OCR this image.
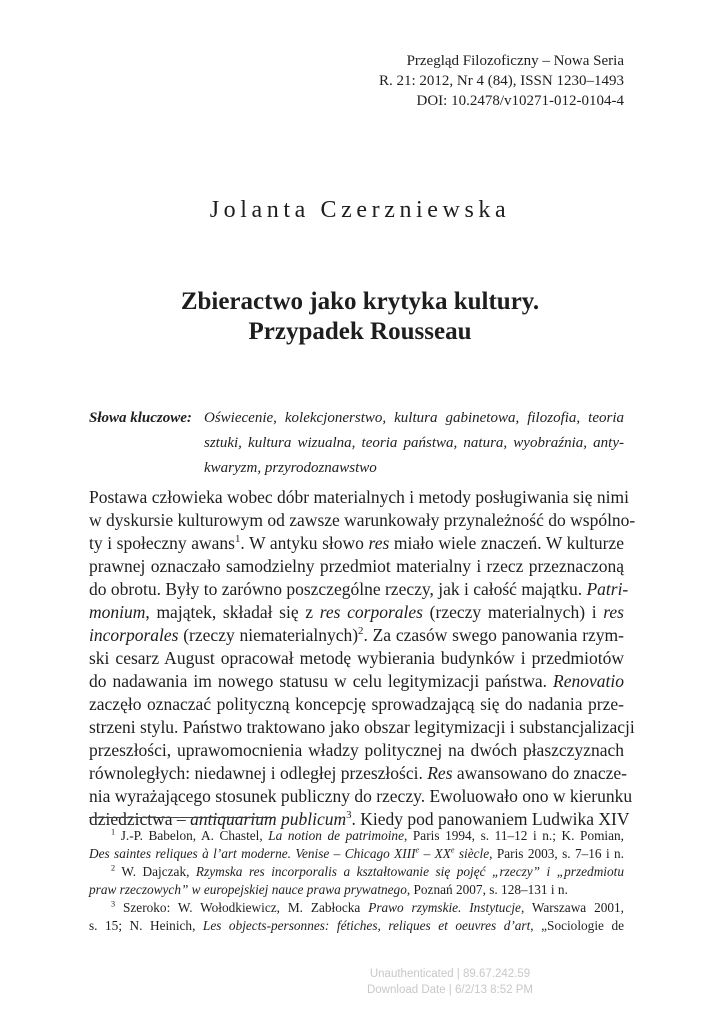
Przegląd Filozoficzny – Nowa Seria
R. 21: 2012, Nr 4 (84), ISSN 1230–1493
DOI: 10.2478/v10271-012-0104-4
Jolanta Czerzniewska
Zbieractwo jako krytyka kultury.
Przypadek Rousseau
Słowa kluczowe: Oświecenie, kolekcjonerstwo, kultura gabinetowa, filozofia, teoria sztuki, kultura wizualna, teoria państwa, natura, wyobraźnia, antykwaryzm, przyrodoznawstwo
Postawa człowieka wobec dóbr materialnych i metody posługiwania się nimi
w dyskursie kulturowym od zawsze warunkowały przynależność do wspólno-
ty i społeczny awans$^1$. W antyku słowo res miało wiele znaczeń. W kulturze
prawnej oznaczało samodzielny przedmiot materialny i rzecz przeznaczoną
do obrotu. Były to zarówno poszczególne rzeczy, jak i całość majątku. Patri-
monium, majątek, składał się z res corporales (rzeczy materialnych) i res
incorporales (rzeczy niematerialnych)$^2$. Za czasów swego panowania rzym-
ski cesarz August opracował metodę wybierania budynków i przedmiotów
do nadawania im nowego statusu w celu legitymizacji państwa. Renovatio
zaczęło oznaczać polityczną koncepcję sprowadzającą się do nadania prze-
strzeni stylu. Państwo traktowano jako obszar legitymizacji i substancjalizacji
przeszłości, uprawomocnienia władzy politycznej na dwóch płaszczyznach
równoległych: niedawnej i odległej przeszłości. Res awansowano do znacze-
nia wyrażającego stosunek publiczny do rzeczy. Ewoluowało ono w kierunku
dziedzictwa – antiquarium publicum$^3$. Kiedy pod panowaniem Ludwika XIV
$^1$ J.-P. Babelon, A. Chastel, La notion de patrimoine, Paris 1994, s. 11–12 i n.; K. Pomian,
Des saintes reliques à l’art moderne. Venise – Chicago XIIIe – XXe siècle, Paris 2003, s. 7–16 i n.
$^2$ W. Dajczak, Rzymska res incorporalis a kształtowanie się pojęć „rzeczy” i „przedmiotu
praw rzeczowych” w europejskiej nauce prawa prywatnego, Poznań 2007, s. 128–131 i n.
$^3$ Szeroko: W. Wołodkiewicz, M. Zabłocka Prawo rzymskie. Instytucje, Warszawa 2001,
s. 15; N. Heinich, Les objects-personnes: fétiches, reliques et oeuvres d’art, „Sociologie de
Unauthenticated | 89.67.242.59
Download Date | 6/2/13 8:52 PM
